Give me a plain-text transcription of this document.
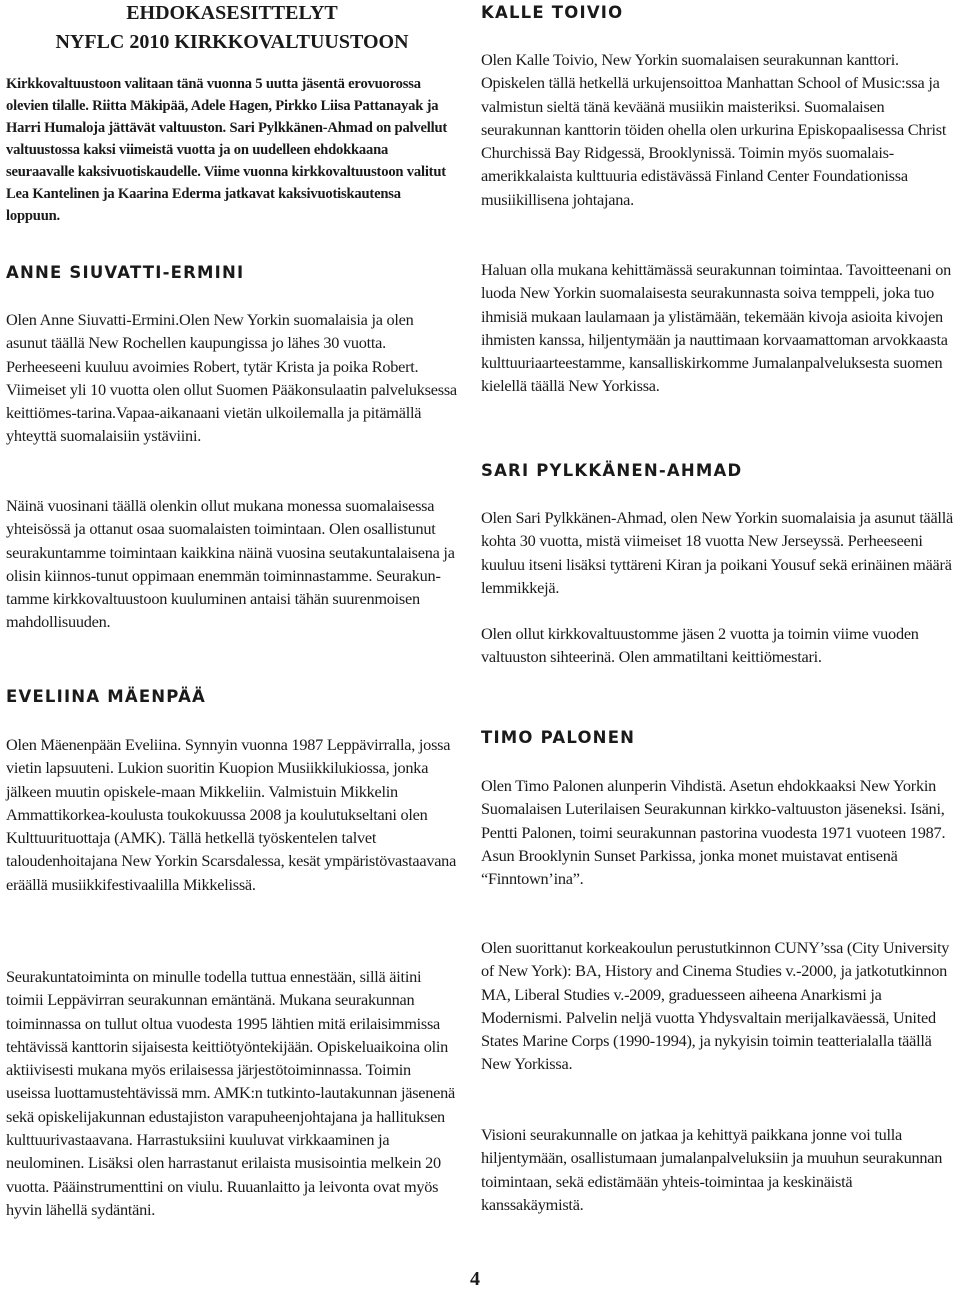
EHDOKASESITTELYT
NYFLC 2010 KIRKKOVALTUUSTOON

Kirkkovaltuustoon valitaan tänä vuonna 5 uutta jäsentä erovuorossa olevien tilalle. Riitta Mäkipää, Adele Hagen, Pirkko Liisa Pattanayak ja Harri Humaloja jättävät valtuuston. Sari Pylkkänen-Ahmad on palvellut valtuustossa kaksi viimeistä vuotta ja on uudelleen ehdokkaana seuraavalle kaksivuotiskaudelle. Viime vuonna kirkkovaltuustoon valitut Lea Kantelinen ja Kaarina Ederma jatkavat kaksivuotiskautensa loppuun.

ANNE SIUVATTI-ERMINI

Olen Anne Siuvatti-Ermini.Olen New Yorkin suomalaisia ja olen asunut täällä New Rochellen kaupungissa jo lähes 30 vuotta. Perheeseeni kuuluu avoimies Robert, tytär Krista ja poika Robert. Viimeiset yli 10 vuotta olen ollut Suomen Pääkonsulaatin palveluksessa keittiömes-tarina.Vapaa-aikanaani vietän ulkoilemalla ja pitämällä yhteyttä suomalaisiin ystäviini.

Näinä vuosinani täällä olenkin ollut mukana monessa suomalaisessa yhteisössä ja ottanut osaa suomalaisten toimintaan. Olen osallistunut seurakuntamme toimintaan kaikkina näinä vuosina seutakuntalaisena ja olisin kiinnos-tunut oppimaan enemmän toiminnastamme. Seurakun-tamme kirkkovaltuustoon kuuluminen antaisi tähän suurenmoisen mahdollisuuden.

EVELIINA MÄENPÄÄ

Olen Mäenenpään Eveliina. Synnyin vuonna 1987 Leppävirralla, jossa vietin lapsuuteni. Lukion suoritin Kuopion Musiikkilukiossa, jonka jälkeen muutin opiskele-maan Mikkeliin. Valmistuin Mikkelin Ammattikorkea-koulusta toukokuussa 2008 ja koulutukseltani olen Kulttuurituottaja (AMK). Tällä hetkellä työskentelen talvet taloudenhoitajana New Yorkin Scarsdalessa, kesät ympäristövastaavana eräällä musiikkifestivaalilla Mikkelissä.

Seurakuntatoiminta on minulle todella tuttua ennestään, sillä äitini toimii Leppävirran seurakunnan emäntänä. Mukana seurakunnan toiminnassa on tullut oltua vuodesta 1995 lähtien mitä erilaisimmissa tehtävissä kanttorin sijaisesta keittiötyöntekijään. Opiskeluaikoina olin aktiivisesti mukana myös erilaisessa järjestötoiminnassa. Toimin useissa luottamustehtävissä mm. AMK:n tutkinto-lautakunnan jäsenenä sekä opiskelijakunnan edustajiston varapuheenjohtajana ja hallituksen kulttuurivastaavana. Harrastuksiini kuuluvat virkkaaminen ja neulominen. Lisäksi olen harrastanut erilaista musisointia melkein 20 vuotta. Pääinstrumenttini on viulu. Ruuanlaitto ja leivonta ovat myös hyvin lähellä sydäntäni.

KALLE TOIVIO

Olen Kalle Toivio, New Yorkin suomalaisen seurakunnan kanttori. Opiskelen tällä hetkellä urkujensoittoa Manhattan School of Music:ssa ja valmistun sieltä tänä keväänä musiikin maisteriksi. Suomalaisen seurakunnan kanttorin töiden ohella olen urkurina Episkopaalisessa Christ Churchissä Bay Ridgessä, Brooklynissä. Toimin myös suomalais-amerikkalaista kulttuuria edistävässä Finland Center Foundationissa musiikillisena johtajana.

Haluan olla mukana kehittämässä seurakunnan toimintaa. Tavoitteenani on luoda New Yorkin suomalaisesta seurakunnasta soiva temppeli, joka tuo ihmisiä mukaan laulamaan ja ylistämään, tekemään kivoja asioita kivojen ihmisten kanssa, hiljentymään ja nauttimaan korvaamattoman arvokkaasta kulttuuriaarteestamme, kansalliskirkomme Jumalanpalveluksesta suomen kielellä täällä New Yorkissa.

SARI PYLKKÄNEN-AHMAD

Olen Sari Pylkkänen-Ahmad, olen New Yorkin suomalaisia ja asunut täällä kohta 30 vuotta, mistä viimeiset 18 vuotta New Jerseyssä. Perheeseeni kuuluu itseni lisäksi tyttäreni Kiran ja poikani Yousuf sekä erinäinen määrä lemmikkejä.

Olen ollut kirkkovaltuustomme jäsen 2 vuotta ja toimin viime vuoden valtuuston sihteerinä. Olen ammatiltani keittiömestari.

TIMO PALONEN

Olen Timo Palonen alunperin Vihdistä. Asetun ehdokkaaksi New Yorkin Suomalaisen Luterilaisen Seurakunnan kirkko-valtuuston jäseneksi. Isäni, Pentti Palonen, toimi seurakunnan pastorina vuodesta 1971 vuoteen 1987. Asun Brooklynin Sunset Parkissa, jonka monet muistavat entisenä “Finntown’ina”.

Olen suorittanut korkeakoulun perustutkinnon CUNY’ssa (City University of New York): BA, History and Cinema Studies v.-2000, ja jatkotutkinnon MA, Liberal Studies v.-2009, graduesseen aiheena Anarkismi ja Modernismi. Palvelin neljä vuotta Yhdysvaltain merijalkaväessä, United States Marine Corps (1990-1994), ja nykyisin toimin teatterialalla täällä New Yorkissa.

Visioni seurakunnalle on jatkaa ja kehittyä paikkana jonne voi tulla hiljentymään, osallistumaan jumalanpalveluksiin ja muuhun seurakunnan toimintaan, sekä edistämään yhteis-toimintaa ja keskinäistä kanssakäymistä.

4
